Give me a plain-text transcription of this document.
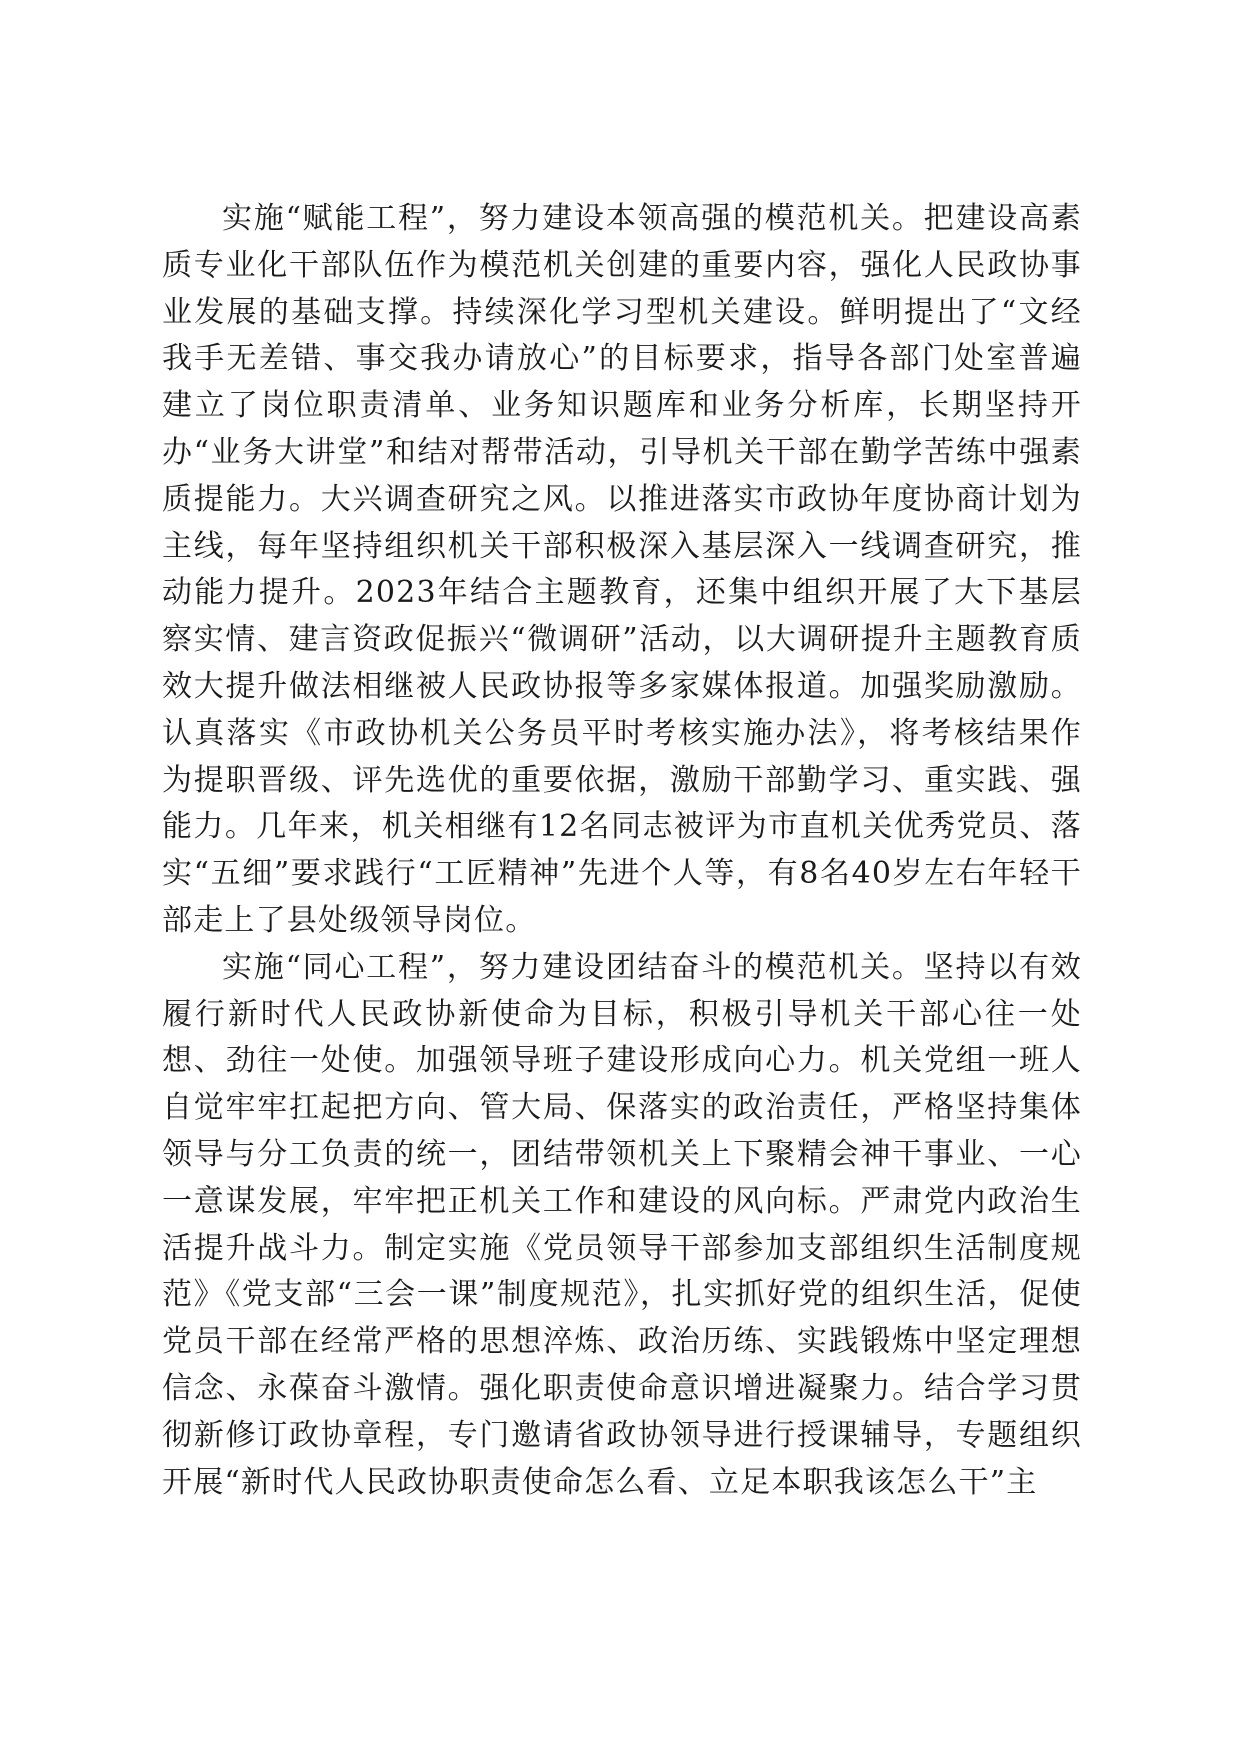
实施“赋能工程”，努力建设本领高强的模范机关。把建设高素质专业化干部队伍作为模范机关创建的重要内容，强化人民政协事业发展的基础支撑。持续深化学习型机关建设。鲜明提出了“文经我手无差错、事交我办请放心”的目标要求，指导各部门处室普遍建立了岗位职责清单、业务知识题库和业务分析库，长期坚持开办“业务大讲堂”和结对帮带活动，引导机关干部在勤学苦练中强素质提能力。大兴调查研究之风。以推进落实市政协年度协商计划为主线，每年坚持组织机关干部积极深入基层深入一线调查研究，推动能力提升。2023年结合主题教育，还集中组织开展了大下基层察实情、建言资政促振兴“微调研”活动，以大调研提升主题教育质效大提升做法相继被人民政协报等多家媒体报道。加强奖励激励。认真落实《市政协机关公务员平时考核实施办法》，将考核结果作为提职晋级、评先选优的重要依据，激励干部勤学习、重实践、强能力。几年来，机关相继有12名同志被评为市直机关优秀党员、落实“五细”要求践行“工匠精神”先进个人等，有8名40岁左右年轻干部走上了县处级领导岗位。

实施“同心工程”，努力建设团结奋斗的模范机关。坚持以有效履行新时代人民政协新使命为目标，积极引导机关干部心往一处想、劲往一处使。加强领导班子建设形成向心力。机关党组一班人自觉牢牢扛起把方向、管大局、保落实的政治责任，严格坚持集体领导与分工负责的统一，团结带领机关上下聚精会神干事业、一心一意谋发展，牢牢把正机关工作和建设的风向标。严肃党内政治生活提升战斗力。制定实施《党员领导干部参加支部组织生活制度规范》《党支部“三会一课”制度规范》，扎实抓好党的组织生活，促使党员干部在经常严格的思想淬炼、政治历练、实践锻炼中坚定理想信念、永葆奋斗激情。强化职责使命意识增进凝聚力。结合学习贯彻新修订政协章程，专门邀请省政协领导进行授课辅导，专题组织开展“新时代人民政协职责使命怎么看、立足本职我该怎么干”主
